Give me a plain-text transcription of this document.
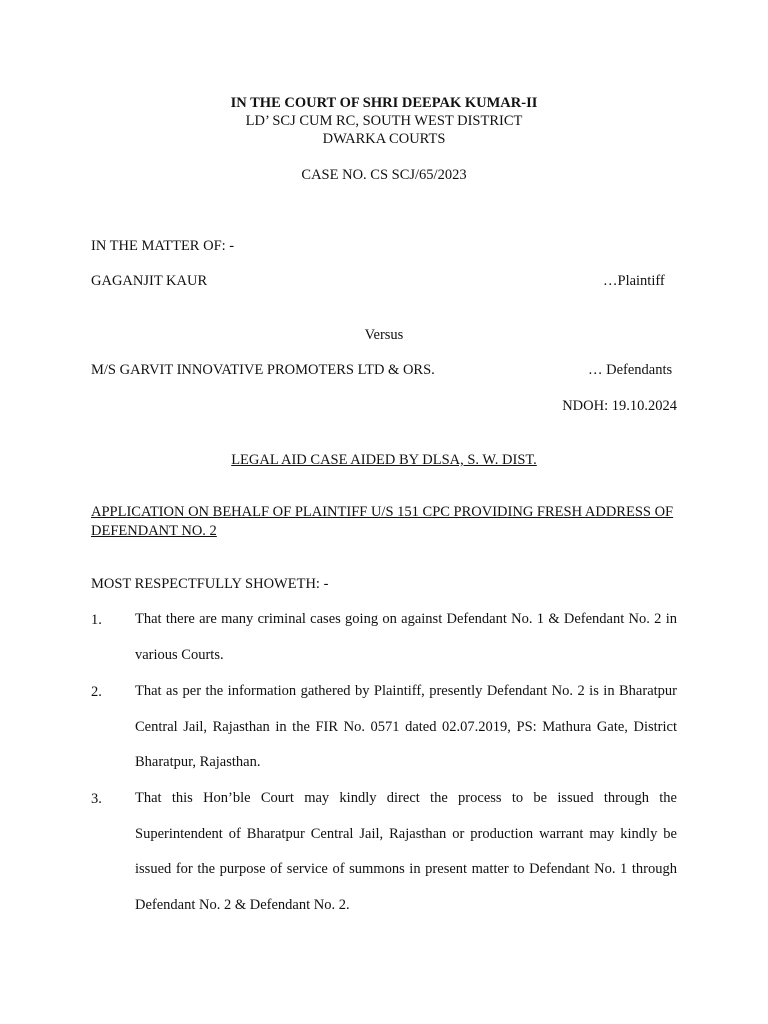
IN THE COURT OF SHRI DEEPAK KUMAR-II
LD’ SCJ CUM RC, SOUTH WEST DISTRICT
DWARKA COURTS
CASE NO. CS SCJ/65/2023
IN THE MATTER OF: -
GAGANJIT KAUR	…Plaintiff
Versus
M/S GARVIT INNOVATIVE PROMOTERS LTD & ORS.	… Defendants
NDOH: 19.10.2024
LEGAL AID CASE AIDED BY DLSA, S. W. DIST.
APPLICATION ON BEHALF OF PLAINTIFF U/S 151 CPC PROVIDING FRESH ADDRESS OF DEFENDANT NO. 2
MOST RESPECTFULLY SHOWETH: -
1. That there are many criminal cases going on against Defendant No. 1 & Defendant No. 2 in various Courts.
2. That as per the information gathered by Plaintiff, presently Defendant No. 2 is in Bharatpur Central Jail, Rajasthan in the FIR No. 0571 dated 02.07.2019, PS: Mathura Gate, District Bharatpur, Rajasthan.
3. That this Hon’ble Court may kindly direct the process to be issued through the Superintendent of Bharatpur Central Jail, Rajasthan or production warrant may kindly be issued for the purpose of service of summons in present matter to Defendant No. 1 through Defendant No. 2 & Defendant No. 2.
